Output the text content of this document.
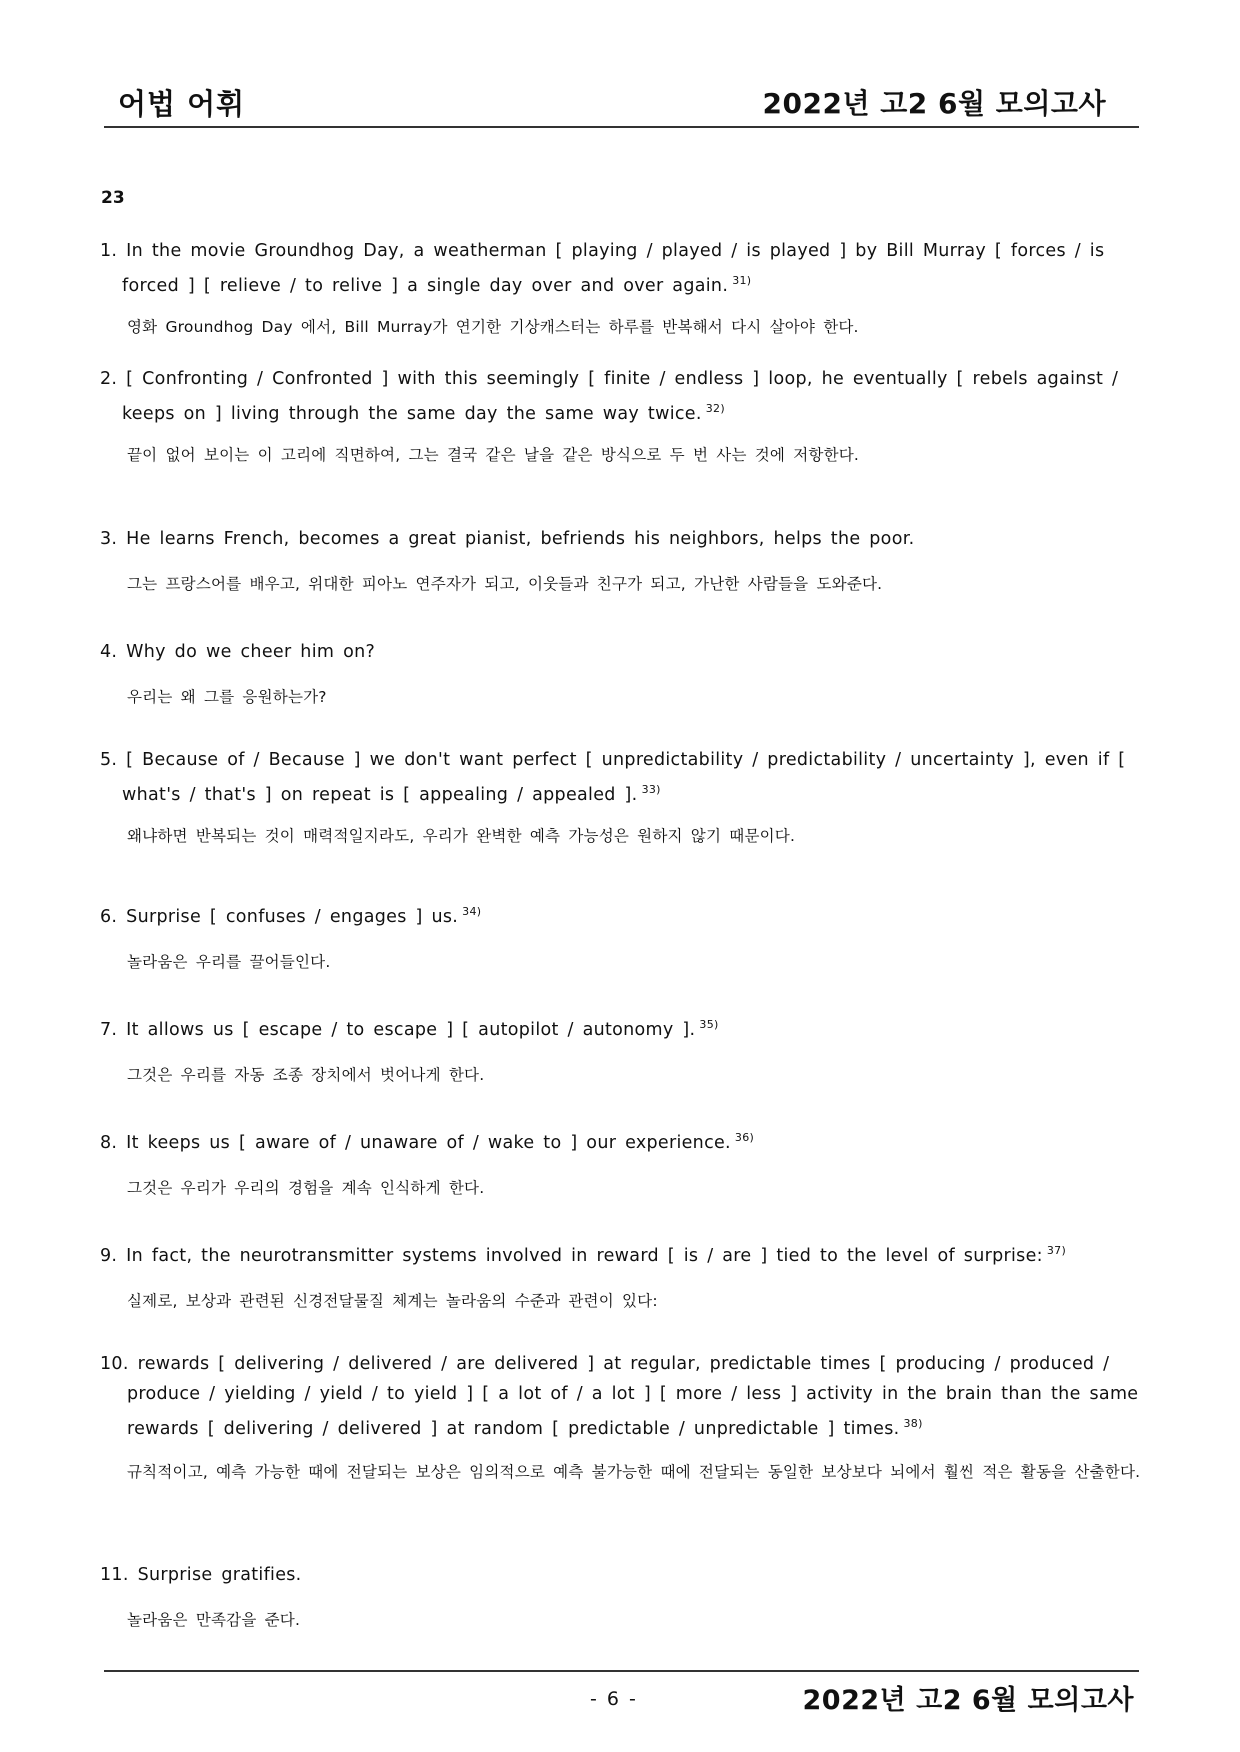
어법 어휘	2022년 고2 6월 모의고사
23
1. In the movie Groundhog Day, a weatherman [ playing / played / is played ] by Bill Murray [ forces / is forced ] [ relieve / to relive ] a single day over and over again. $^{31)}$
영화 Groundhog Day 에서, Bill Murray가 연기한 기상캐스터는 하루를 반복해서 다시 살아야 한다.
2. [ Confronting / Confronted ] with this seemingly [ finite / endless ] loop, he eventually [ rebels against / keeps on ] living through the same day the same way twice. $^{32)}$
끝이 없어 보이는 이 고리에 직면하여, 그는 결국 같은 날을 같은 방식으로 두 번 사는 것에 저항한다.
3. He learns French, becomes a great pianist, befriends his neighbors, helps the poor.
그는 프랑스어를 배우고, 위대한 피아노 연주자가 되고, 이웃들과 친구가 되고, 가난한 사람들을 도와준다.
4. Why do we cheer him on?
우리는 왜 그를 응원하는가?
5. [ Because of / Because ] we don't want perfect [ unpredictability / predictability / uncertainty ], even if [ what's / that's ] on repeat is [ appealing / appealed ]. $^{33)}$
왜냐하면 반복되는 것이 매력적일지라도, 우리가 완벽한 예측 가능성은 원하지 않기 때문이다.
6. Surprise [ confuses / engages ] us. $^{34)}$
놀라움은 우리를 끌어들인다.
7. It allows us [ escape / to escape ] [ autopilot / autonomy ]. $^{35)}$
그것은 우리를 자동 조종 장치에서 벗어나게 한다.
8. It keeps us [ aware of / unaware of / wake to ] our experience. $^{36)}$
그것은 우리가 우리의 경험을 계속 인식하게 한다.
9. In fact, the neurotransmitter systems involved in reward [ is / are ] tied to the level of surprise: $^{37)}$
실제로, 보상과 관련된 신경전달물질 체계는 놀라움의 수준과 관련이 있다:
10. rewards [ delivering / delivered / are delivered ] at regular, predictable times [ producing / produced / produce / yielding / yield / to yield ] [ a lot of / a lot ] [ more / less ] activity in the brain than the same rewards [ delivering / delivered ] at random [ predictable / unpredictable ] times. $^{38)}$
규칙적이고, 예측 가능한 때에 전달되는 보상은 임의적으로 예측 불가능한 때에 전달되는 동일한 보상보다 뇌에서 훨씬 적은 활동을 산출한다.
11. Surprise gratifies.
놀라움은 만족감을 준다.
- 6 -	2022년 고2 6월 모의고사
